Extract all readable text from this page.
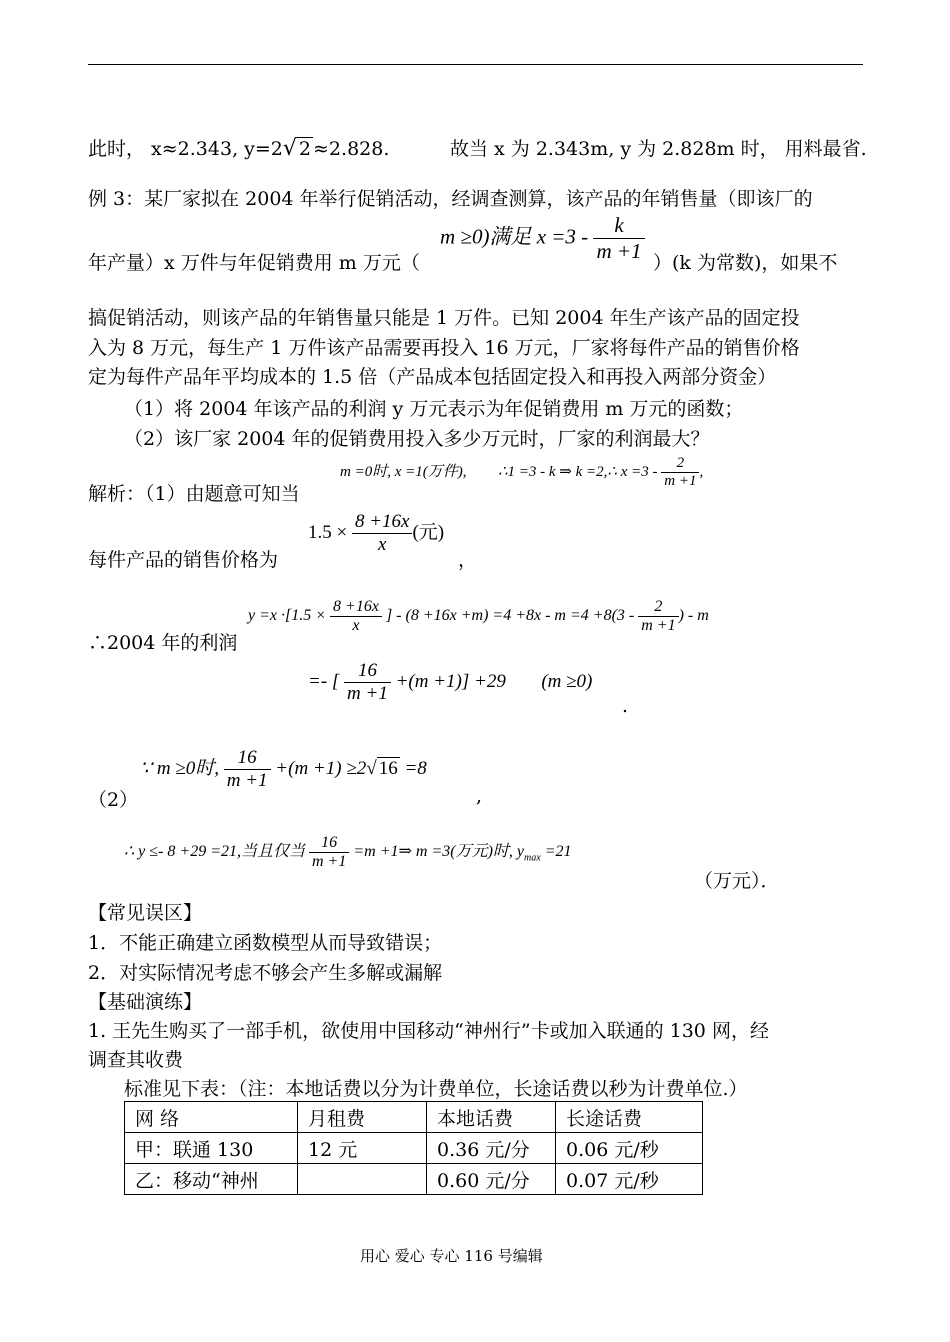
此时， x≈2.343, y=2√ 2 ≈2.828.	故当 x 为 2.343m, y 为 2.828m 时， 用料最省.
例 3：某厂家拟在 2004 年举行促销活动，经调查测算，该产品的年销售量（即该厂的
年产量）x 万件与年促销费用 m 万元（
m ≥0)满足 $x =3 - \frac{k}{m +1} )(k$ 为常数)，如果不
搞促销活动，则该产品的年销售量只能是 1 万件。已知 2004 年生产该产品的固定投
入为 8 万元，每生产 1 万件该产品需要再投入 16 万元，厂家将每件产品的销售价格
定为每件产品年平均成本的 1.5 倍（产品成本包括固定投入和再投入两部分资金）
（1）将 2004 年该产品的利润 y 万元表示为年促销费用 m 万元的函数；
（2）该厂家 2004 年的促销费用投入多少万元时，厂家的利润最大？
解析：（1）由题意可知当
m =0时, x =1(万件), ∴1 =3 - k ⇒ k =2,∴ $x =3 - \frac{2}{m +1}$ ,
每件产品的销售价格为
$1.5 \times \frac{8 +16x}{x}$ (元)
，
∴2004 年的利润
$y =x \cdot[1.5 \times \frac{8 +16x}{x}$ ] - $(8 +16x +m) =4 +8x - m =4 +8(3 - \frac{2}{m +1}$ ) - m
=- [ $\frac{16}{m +1} +(m +1)] +29$ (m ≥0)
.
（2）
∵ m ≥0时, $\frac{16}{m +1} +(m +1) \ge 2√$ 16 =8
,
∴ y ≤- 8 +29 =21,当且仅当 $\frac{16}{m +1} =m$ +1⇒ m =3(万元)时, $y_{max} =21$
（万元）．
【常见误区】
1．不能正确建立函数模型从而导致错误；
2．对实际情况考虑不够会产生多解或漏解
【基础演练】
1. 王先生购买了一部手机，欲使用中国移动“神州行”卡或加入联通的 130 网，经
调查其收费
标准见下表：（注：本地话费以分为计费单位，长途话费以秒为计费单位.）
网 络	月租费	本地话费	长途话费
甲：联通 130	12 元	0.36 元/分	0.06 元/秒
乙：移动“神州		0.60 元/分	0.07 元/秒
用心 爱心 专心 116 号编辑
